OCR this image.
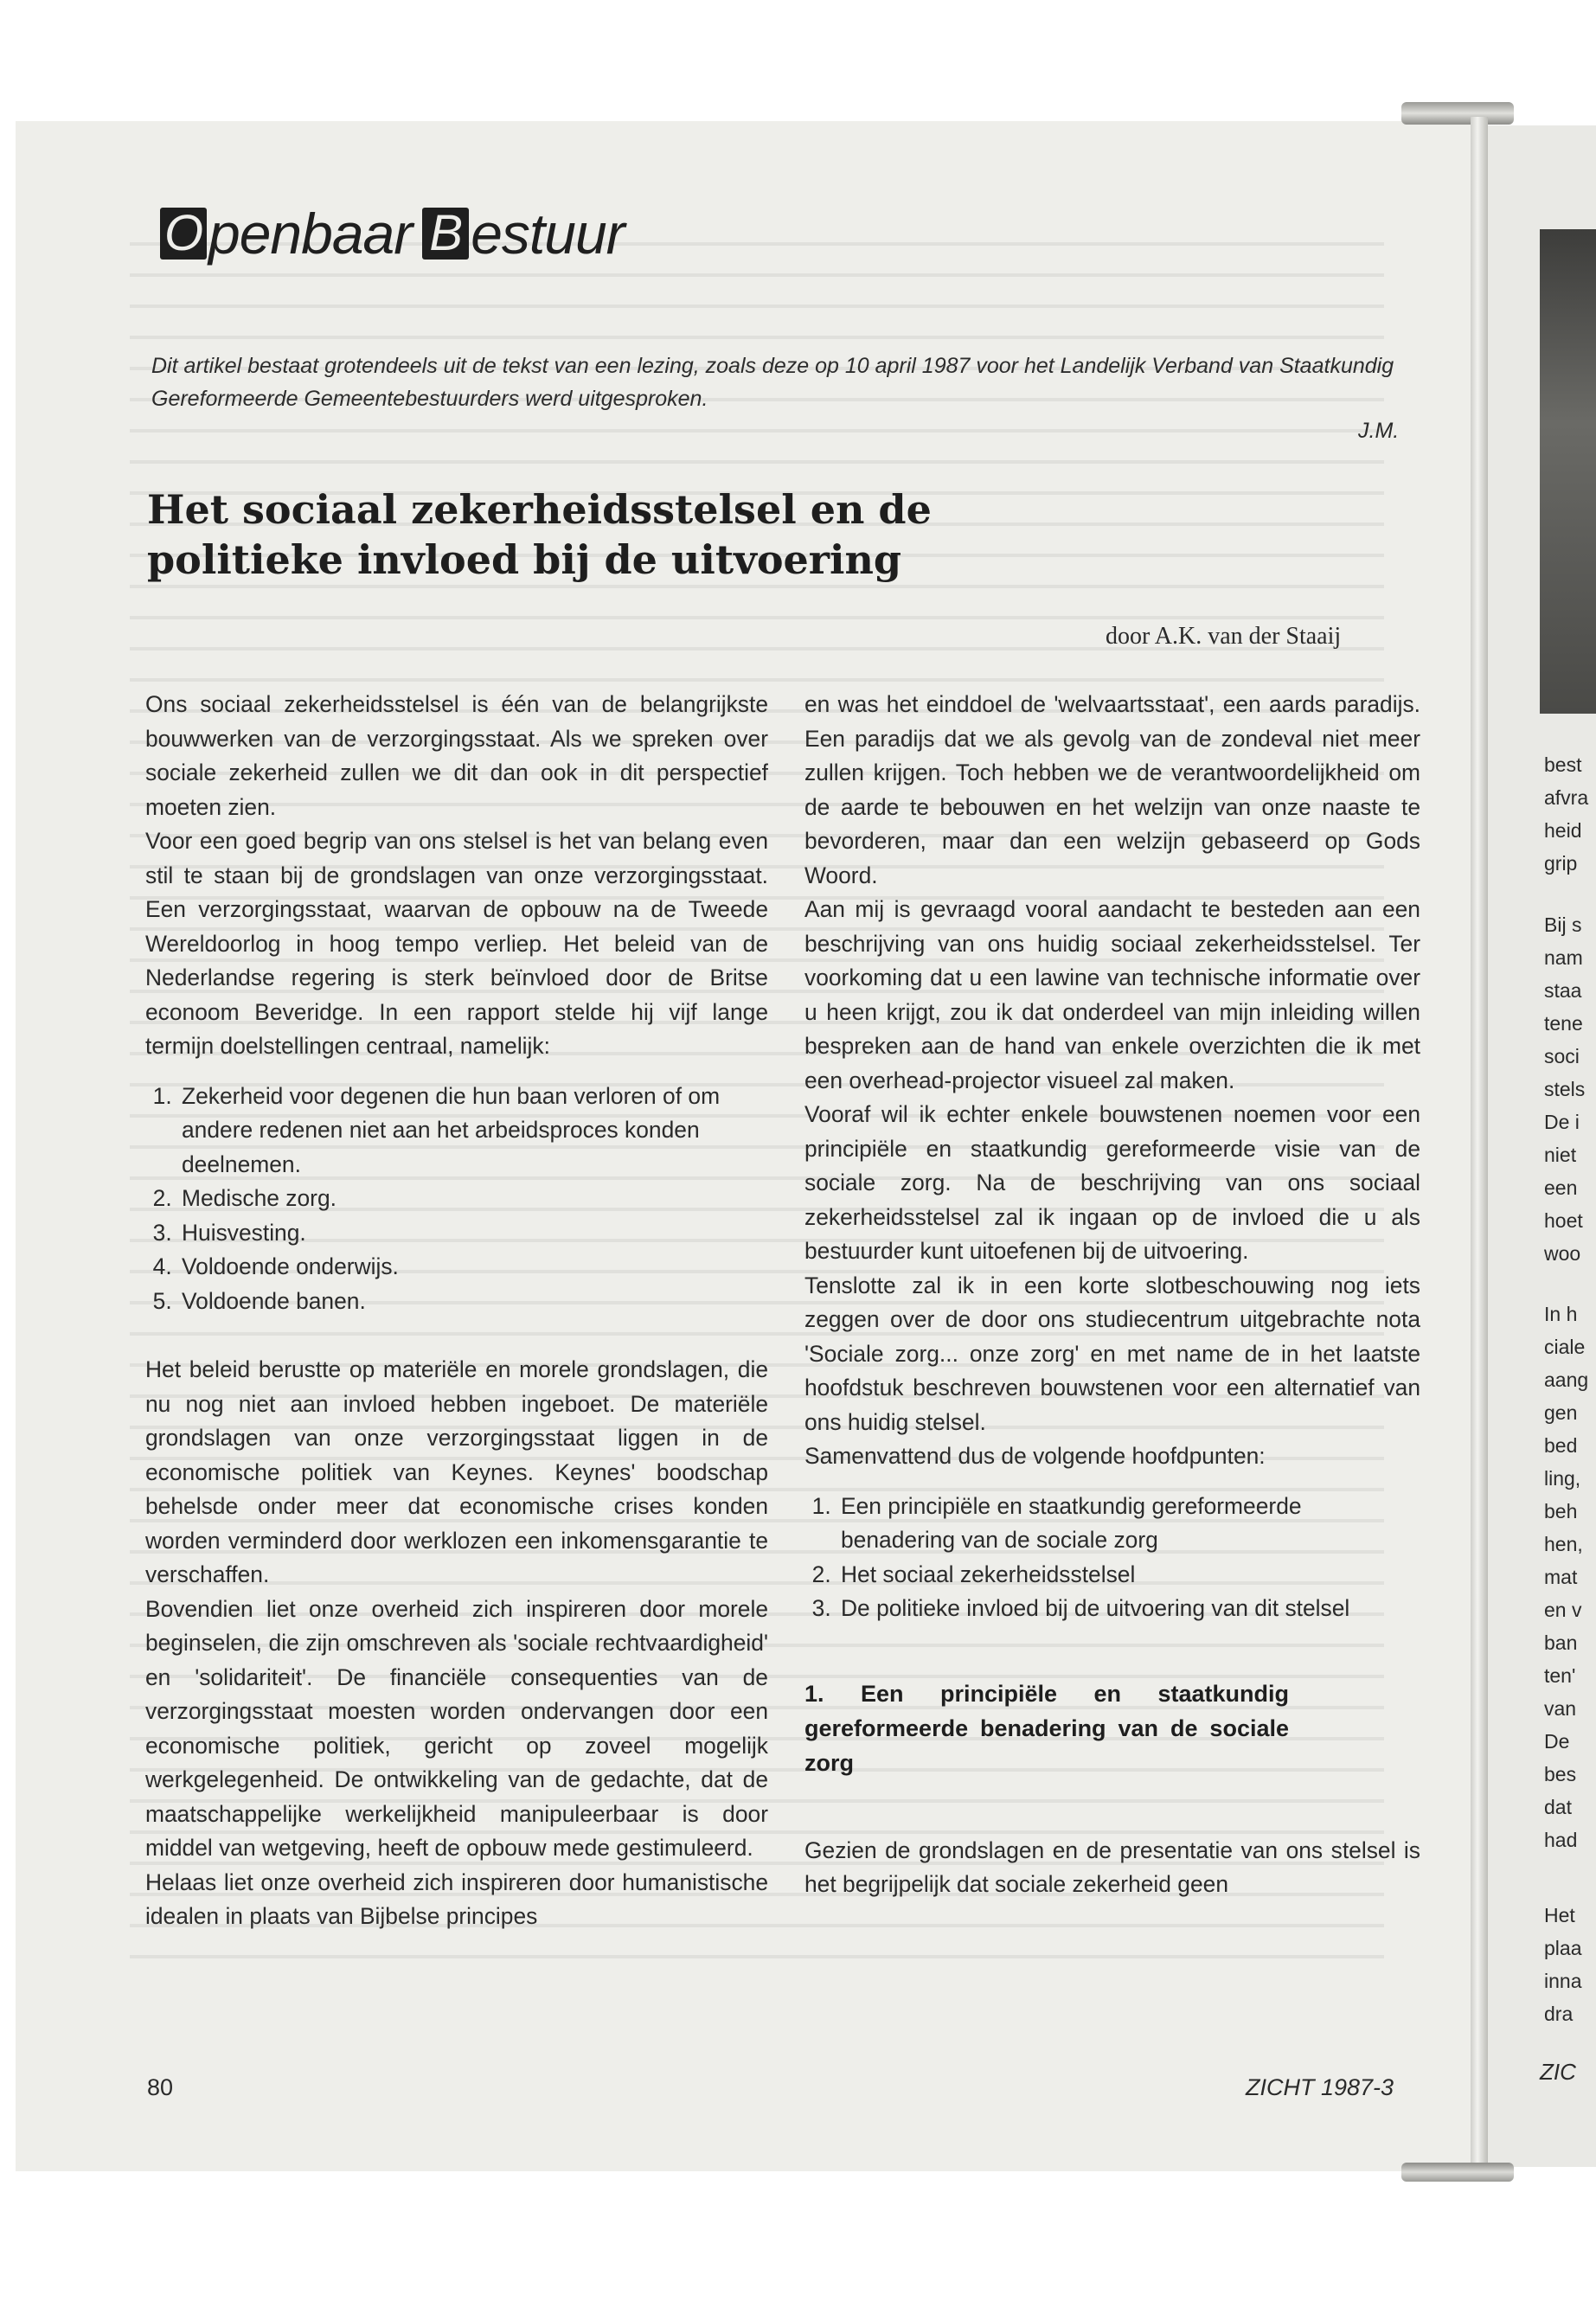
best
afvra
heid
grip
Bij s
nam
staa
tene
soci
stels
De i
niet
een
hoet
woo
In h
ciale
aang
gen
bed
ling,
beh
hen,
mat
en v
ban
ten'
van
De
bes
dat
had
Het
plaa
inna
dra
ZIC
O penbaar B estuur
Dit artikel bestaat grotendeels uit de tekst van een lezing, zoals deze op 10 april 1987 voor het Landelijk Verband van Staatkundig Gereformeerde Gemeentebestuurders werd uitgesproken.
J.M.
Het sociaal zekerheidsstelsel en de
politieke invloed bij de uitvoering
door A.K. van der Staaij

Ons sociaal zekerheidsstelsel is één van de belangrijkste bouwwerken van de verzorgingsstaat. Als we spreken over sociale zekerheid zullen we dit dan ook in dit perspectief moeten zien.

Voor een goed begrip van ons stelsel is het van belang even stil te staan bij de grondslagen van onze verzorgingsstaat. Een verzorgingsstaat, waarvan de opbouw na de Tweede Wereldoorlog in hoog tempo verliep. Het beleid van de Nederlandse regering is sterk beïnvloed door de Britse econoom Beveridge. In een rapport stelde hij vijf lange termijn doelstellingen centraal, namelijk:

1. Zekerheid voor degenen die hun baan verloren of om andere redenen niet aan het arbeidsproces konden deelnemen.
2. Medische zorg.
3. Huisvesting.
4. Voldoende onderwijs.
5. Voldoende banen.

Het beleid berustte op materiële en morele grondslagen, die nu nog niet aan invloed hebben ingeboet. De materiële grondslagen van onze verzorgingsstaat liggen in de economische politiek van Keynes. Keynes' boodschap behelsde onder meer dat economische crises konden worden verminderd door werklozen een inkomensgarantie te verschaffen.

Bovendien liet onze overheid zich inspireren door morele beginselen, die zijn omschreven als 'sociale rechtvaardigheid' en 'solidariteit'. De financiële consequenties van de verzorgingsstaat moesten worden ondervangen door een economische politiek, gericht op zoveel mogelijk werkgelegenheid. De ontwikkeling van de gedachte, dat de maatschappelijke werkelijkheid manipuleerbaar is door middel van wetgeving, heeft de opbouw mede gestimuleerd.

Helaas liet onze overheid zich inspireren door humanistische idealen in plaats van Bijbelse principes

en was het einddoel de 'welvaartsstaat', een aards paradijs. Een paradijs dat we als gevolg van de zondeval niet meer zullen krijgen. Toch hebben we de verantwoordelijkheid om de aarde te bebouwen en het welzijn van onze naaste te bevorderen, maar dan een welzijn gebaseerd op Gods Woord.

Aan mij is gevraagd vooral aandacht te besteden aan een beschrijving van ons huidig sociaal zekerheidsstelsel. Ter voorkoming dat u een lawine van technische informatie over u heen krijgt, zou ik dat onderdeel van mijn inleiding willen bespreken aan de hand van enkele overzichten die ik met een overhead-projector visueel zal maken.

Vooraf wil ik echter enkele bouwstenen noemen voor een principiële en staatkundig gereformeerde visie van de sociale zorg. Na de beschrijving van ons sociaal zekerheidsstelsel zal ik ingaan op de invloed die u als bestuurder kunt uitoefenen bij de uitvoering.

Tenslotte zal ik in een korte slotbeschouwing nog iets zeggen over de door ons studiecentrum uitgebrachte nota 'Sociale zorg... onze zorg' en met name de in het laatste hoofdstuk beschreven bouwstenen voor een alternatief van ons huidig stelsel.

Samenvattend dus de volgende hoofdpunten:

1. Een principiële en staatkundig gereformeerde benadering van de sociale zorg
2. Het sociaal zekerheidsstelsel
3. De politieke invloed bij de uitvoering van dit stelsel
1. Een principiële en staatkundig gereformeerde benadering van de sociale zorg

Gezien de grondslagen en de presentatie van ons stelsel is het begrijpelijk dat sociale zekerheid geen

80	ZICHT 1987-3
